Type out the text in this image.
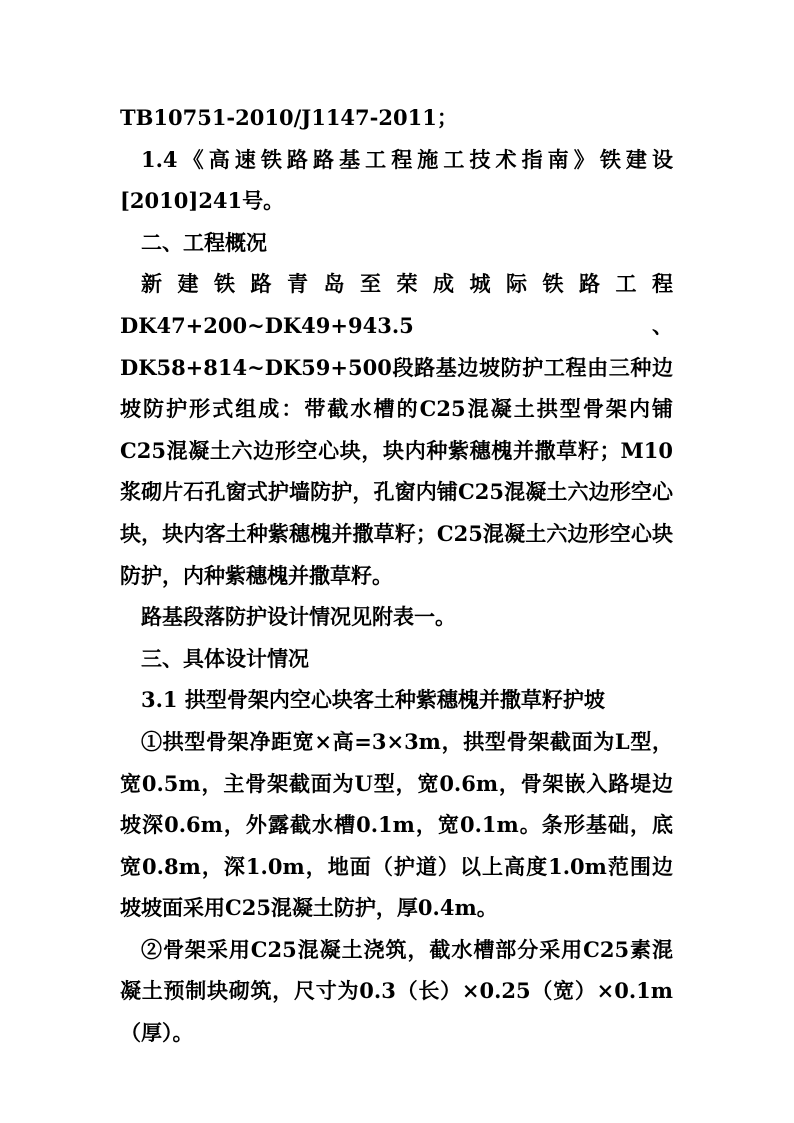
TB10751-2010/J1147-2011；

1.4《高速铁路路基工程施工技术指南》铁建设[2010]241号。

二、工程概况

新建铁路青岛至荣成城际铁路工程

DK47+200~DK49+943.5、 DK58+814~DK59+500段路基边坡防护工程由三种边坡防护形式组成：带截水槽的C25混凝土拱型骨架内铺C25混凝土六边形空心块，块内种紫穗槐并撒草籽；M10浆砌片石孔窗式护墙防护，孔窗内铺C25混凝土六边形空心块，块内客土种紫穗槐并撒草籽；C25混凝土六边形空心块防护，内种紫穗槐并撒草籽。

路基段落防护设计情况见附表一。

三、具体设计情况

3.1 拱型骨架内空心块客土种紫穗槐并撒草籽护坡

①拱型骨架净距宽×高=3×3m，拱型骨架截面为L型，宽0.5m，主骨架截面为U型，宽0.6m，骨架嵌入路堤边坡深0.6m，外露截水槽0.1m，宽0.1m。条形基础，底宽0.8m，深1.0m，地面（护道）以上高度1.0m范围边坡坡面采用C25混凝土防护，厚0.4m。

②骨架采用C25混凝土浇筑，截水槽部分采用C25素混凝土预制块砌筑，尺寸为0.3（长）×0.25（宽）×0.1m（厚）。
